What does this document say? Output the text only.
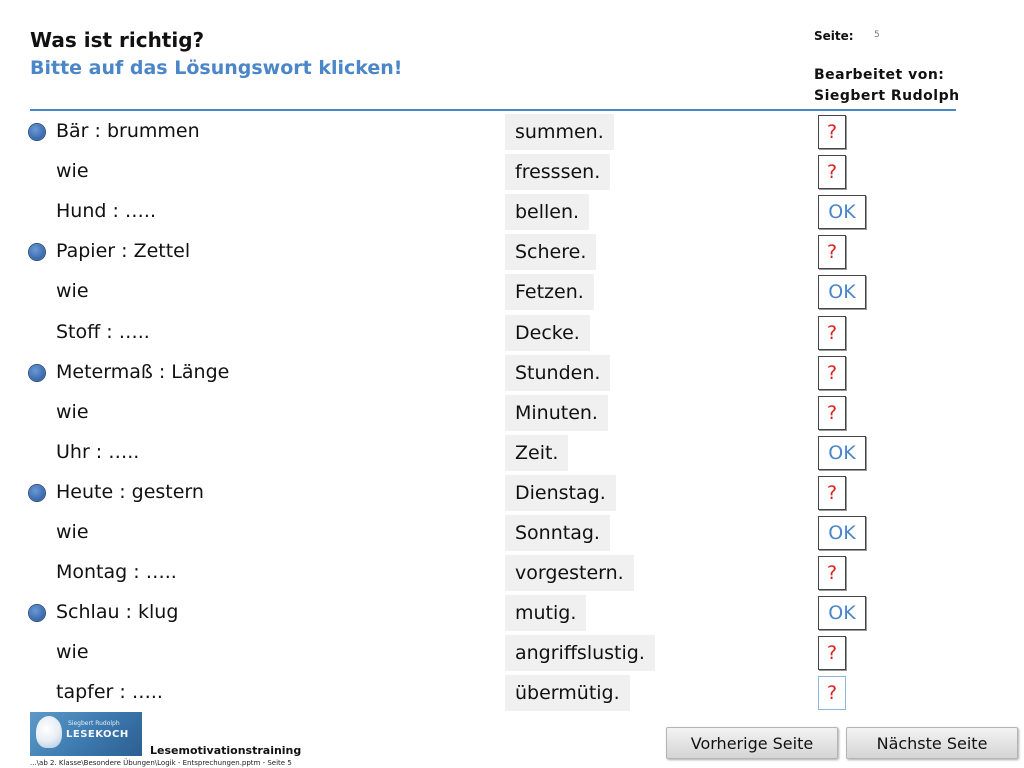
Was ist richtig?
Bitte auf das Lösungswort klicken!
Seite: 5
Bearbeitet von:
Siegbert Rudolph
Bär : brummen	summen.	?
wie	fresssen.	?
Hund : …..	bellen.	OK
Papier : Zettel	Schere.	?
wie	Fetzen.	OK
Stoff : …..	Decke.	?
Metermaß : Länge	Stunden.	?
wie	Minuten.	?
Uhr : …..	Zeit.	OK
Heute : gestern	Dienstag.	?
wie	Sonntag.	OK
Montag : …..	vorgestern.	?
Schlau : klug	mutig.	OK
wie	angriffslustig.	?
tapfer : …..	übermütig.	?
Siegbert Rudolph
LESEKOCH
Lesemotivationstraining
...\ab 2. Klasse\Besondere Übungen\Logik - Entsprechungen.pptm - Seite 5
Vorherige Seite	Nächste Seite
